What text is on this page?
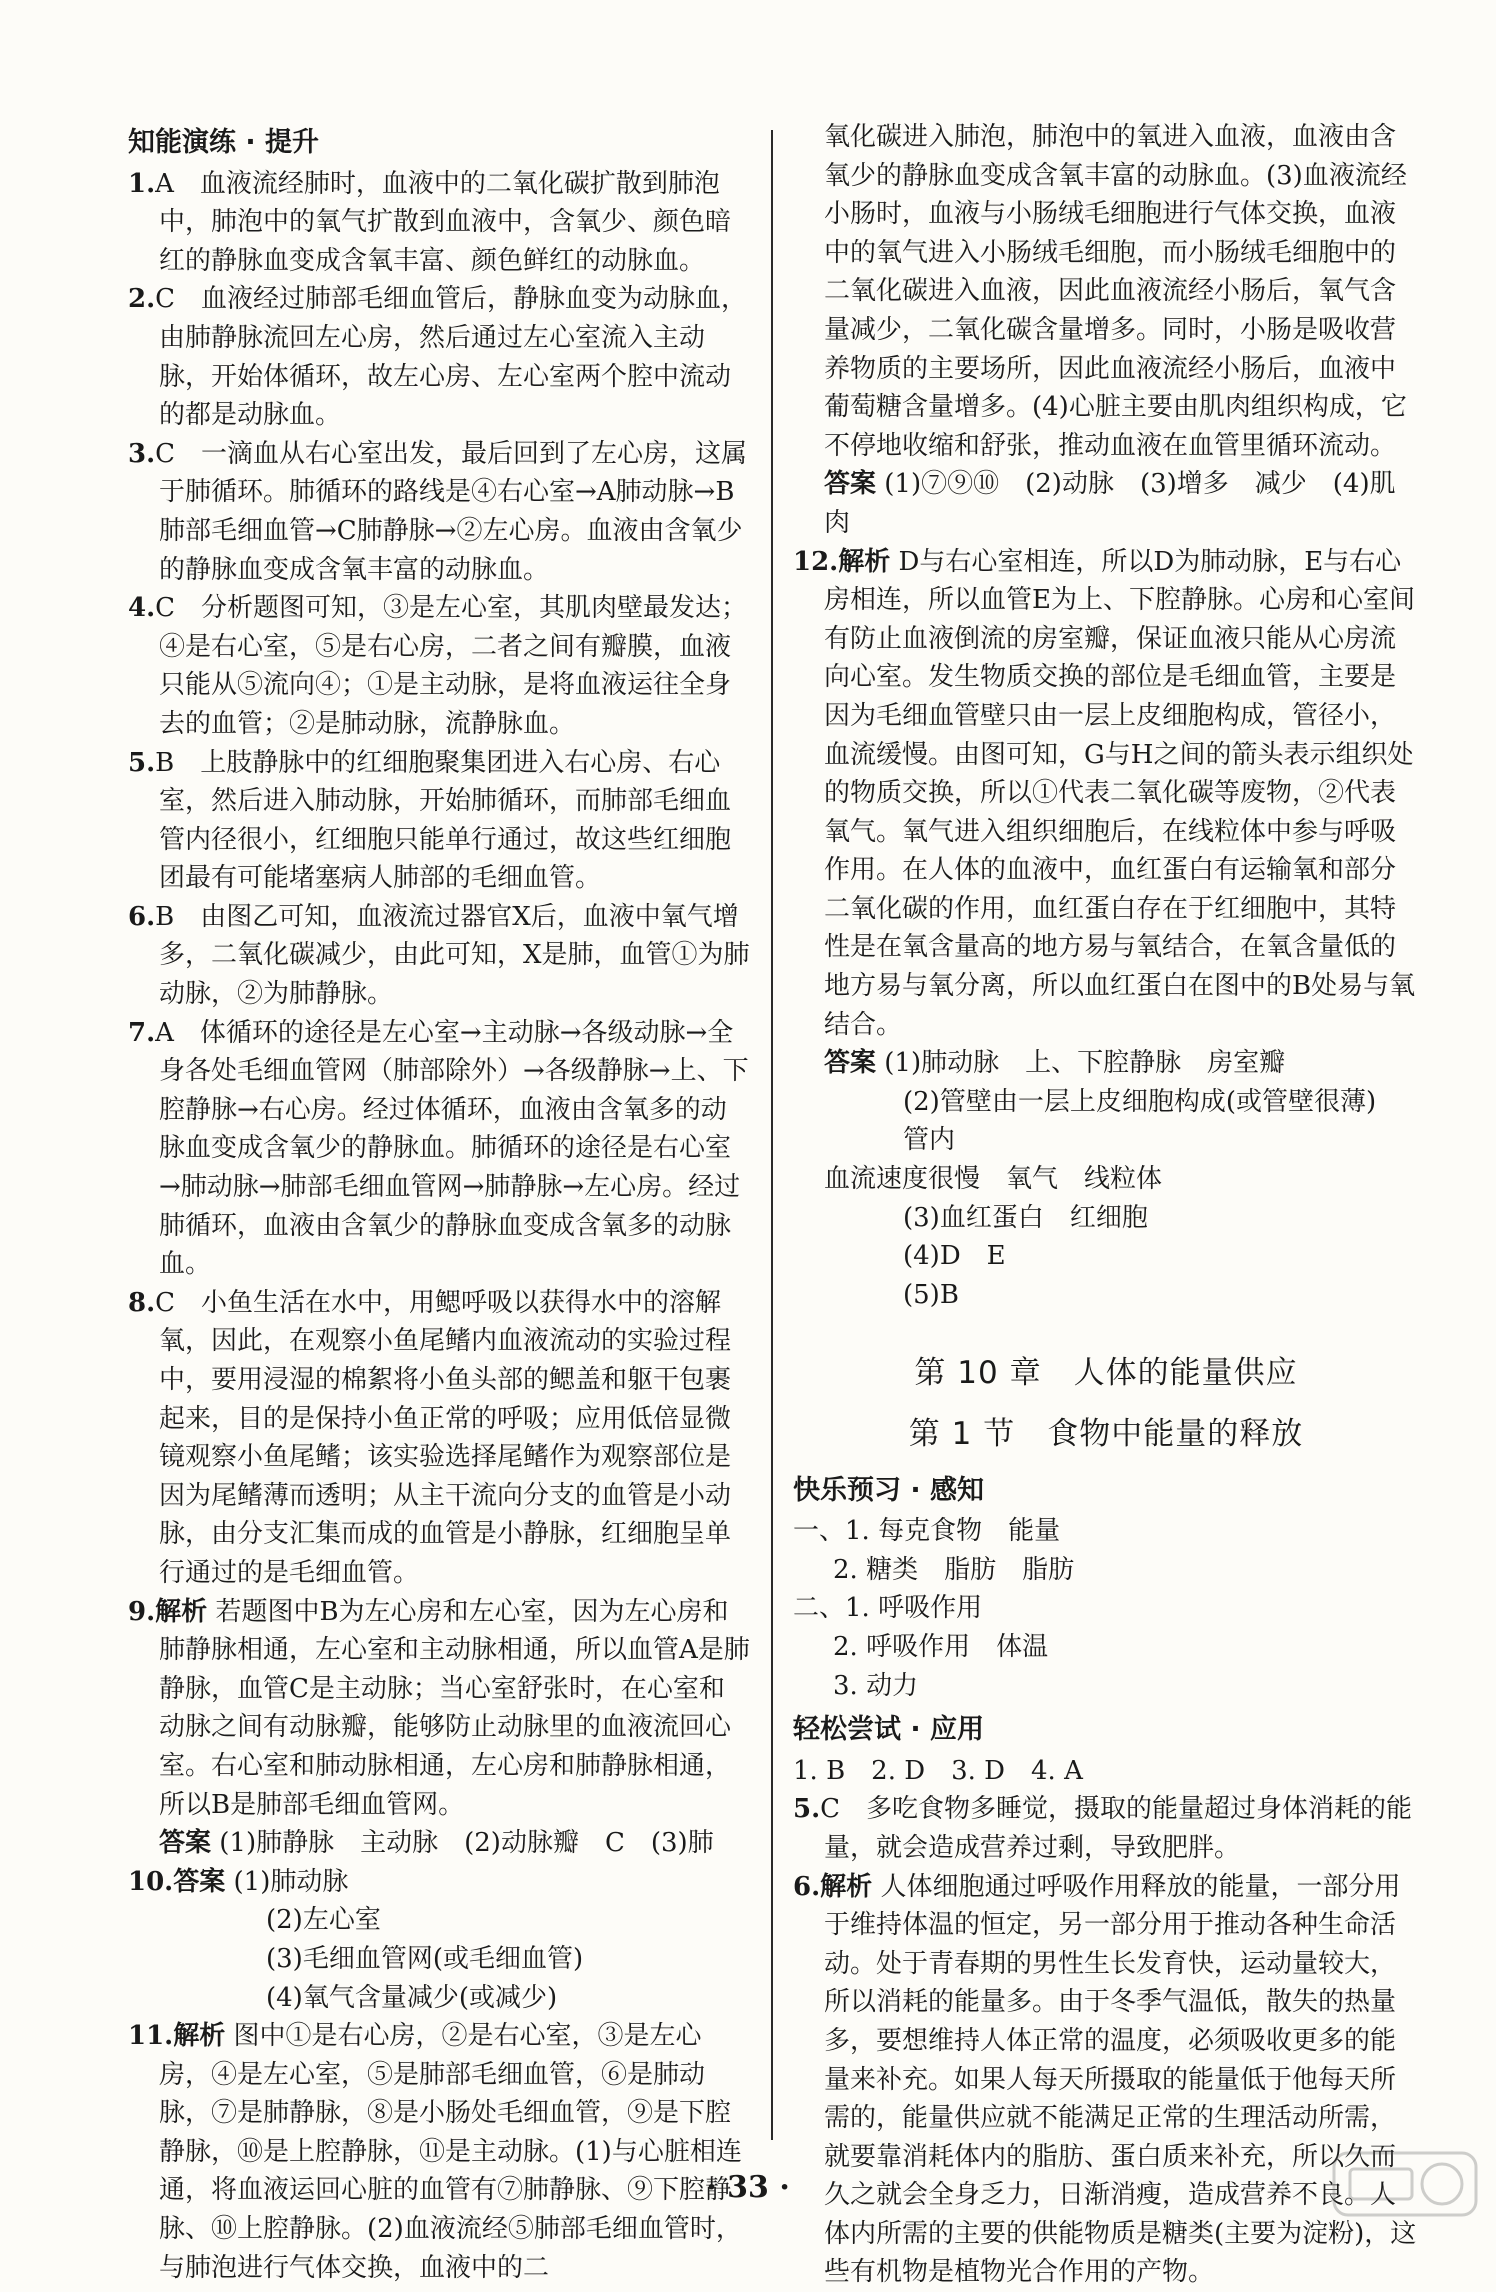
知能演练 · 提升

1.A　血液流经肺时，血液中的二氧化碳扩散到肺泡中，肺泡中的氧气扩散到血液中，含氧少、颜色暗红的静脉血变成含氧丰富、颜色鲜红的动脉血。

2.C　血液经过肺部毛细血管后，静脉血变为动脉血，由肺静脉流回左心房，然后通过左心室流入主动脉，开始体循环，故左心房、左心室两个腔中流动的都是动脉血。

3.C　一滴血从右心室出发，最后回到了左心房，这属于肺循环。肺循环的路线是④右心室→A肺动脉→B肺部毛细血管→C肺静脉→②左心房。血液由含氧少的静脉血变成含氧丰富的动脉血。

4.C　分析题图可知，③是左心室，其肌肉壁最发达；④是右心室，⑤是右心房，二者之间有瓣膜，血液只能从⑤流向④；①是主动脉，是将血液运往全身去的血管；②是肺动脉，流静脉血。

5.B　上肢静脉中的红细胞聚集团进入右心房、右心室，然后进入肺动脉，开始肺循环，而肺部毛细血管内径很小，红细胞只能单行通过，故这些红细胞团最有可能堵塞病人肺部的毛细血管。

6.B　由图乙可知，血液流过器官X后，血液中氧气增多，二氧化碳减少，由此可知，X是肺，血管①为肺动脉，②为肺静脉。

7.A　体循环的途径是左心室→主动脉→各级动脉→全身各处毛细血管网（肺部除外）→各级静脉→上、下腔静脉→右心房。经过体循环，血液由含氧多的动脉血变成含氧少的静脉血。肺循环的途径是右心室→肺动脉→肺部毛细血管网→肺静脉→左心房。经过肺循环，血液由含氧少的静脉血变成含氧多的动脉血。

8.C　小鱼生活在水中，用鳃呼吸以获得水中的溶解氧，因此，在观察小鱼尾鳍内血液流动的实验过程中，要用浸湿的棉絮将小鱼头部的鳃盖和躯干包裹起来，目的是保持小鱼正常的呼吸；应用低倍显微镜观察小鱼尾鳍；该实验选择尾鳍作为观察部位是因为尾鳍薄而透明；从主干流向分支的血管是小动脉，由分支汇集而成的血管是小静脉，红细胞呈单行通过的是毛细血管。

9.解析 若题图中B为左心房和左心室，因为左心房和肺静脉相通，左心室和主动脉相通，所以血管A是肺静脉，血管C是主动脉；当心室舒张时，在心室和动脉之间有动脉瓣，能够防止动脉里的血液流回心室。右心室和肺动脉相通，左心房和肺静脉相通，所以B是肺部毛细血管网。

答案 (1)肺静脉　主动脉　(2)动脉瓣　C　(3)肺

10.答案 (1)肺动脉

(2)左心室

(3)毛细血管网(或毛细血管)

(4)氧气含量减少(或减少)

11.解析 图中①是右心房，②是右心室，③是左心房，④是左心室，⑤是肺部毛细血管，⑥是肺动脉，⑦是肺静脉，⑧是小肠处毛细血管，⑨是下腔静脉，⑩是上腔静脉，⑪是主动脉。(1)与心脏相连通，将血液运回心脏的血管有⑦肺静脉、⑨下腔静脉、⑩上腔静脉。(2)血液流经⑤肺部毛细血管时，与肺泡进行气体交换，血液中的二

氧化碳进入肺泡，肺泡中的氧进入血液，血液由含氧少的静脉血变成含氧丰富的动脉血。(3)血液流经小肠时，血液与小肠绒毛细胞进行气体交换，血液中的氧气进入小肠绒毛细胞，而小肠绒毛细胞中的二氧化碳进入血液，因此血液流经小肠后，氧气含量减少，二氧化碳含量增多。同时，小肠是吸收营养物质的主要场所，因此血液流经小肠后，血液中葡萄糖含量增多。(4)心脏主要由肌肉组织构成，它不停地收缩和舒张，推动血液在血管里循环流动。

答案 (1)⑦⑨⑩　(2)动脉　(3)增多　减少　(4)肌肉

12.解析 D与右心室相连，所以D为肺动脉，E与右心房相连，所以血管E为上、下腔静脉。心房和心室间有防止血液倒流的房室瓣，保证血液只能从心房流向心室。发生物质交换的部位是毛细血管，主要是因为毛细血管壁只由一层上皮细胞构成，管径小，血流缓慢。由图可知，G与H之间的箭头表示组织处的物质交换，所以①代表二氧化碳等废物，②代表氧气。氧气进入组织细胞后，在线粒体中参与呼吸作用。在人体的血液中，血红蛋白有运输氧和部分二氧化碳的作用，血红蛋白存在于红细胞中，其特性是在氧含量高的地方易与氧结合，在氧含量低的地方易与氧分离，所以血红蛋白在图中的B处易与氧结合。

答案 (1)肺动脉　上、下腔静脉　房室瓣

(2)管壁由一层上皮细胞构成(或管壁很薄)　管内

血流速度很慢　氧气　线粒体

(3)血红蛋白　红细胞

(4)D　E

(5)B

第 10 章　人体的能量供应
第 1 节　食物中能量的释放
快乐预习 · 感知

一、1. 每克食物　能量

2. 糖类　脂肪　脂肪

二、1. 呼吸作用

2. 呼吸作用　体温

3. 动力

轻松尝试 · 应用

1. B　2. D　3. D　4. A

5.C　多吃食物多睡觉，摄取的能量超过身体消耗的能量，就会造成营养过剩，导致肥胖。

6.解析 人体细胞通过呼吸作用释放的能量，一部分用于维持体温的恒定，另一部分用于推动各种生命活动。处于青春期的男性生长发育快，运动量较大，所以消耗的能量多。由于冬季气温低，散失的热量多，要想维持人体正常的温度，必须吸收更多的能量来补充。如果人每天所摄取的能量低于他每天所需的，能量供应就不能满足正常的生理活动所需，就要靠消耗体内的脂肪、蛋白质来补充，所以久而久之就会全身乏力，日渐消瘦，造成营养不良。人体内所需的主要的供能物质是糖类(主要为淀粉)，这些有机物是植物光合作用的产物。

· 33 ·
